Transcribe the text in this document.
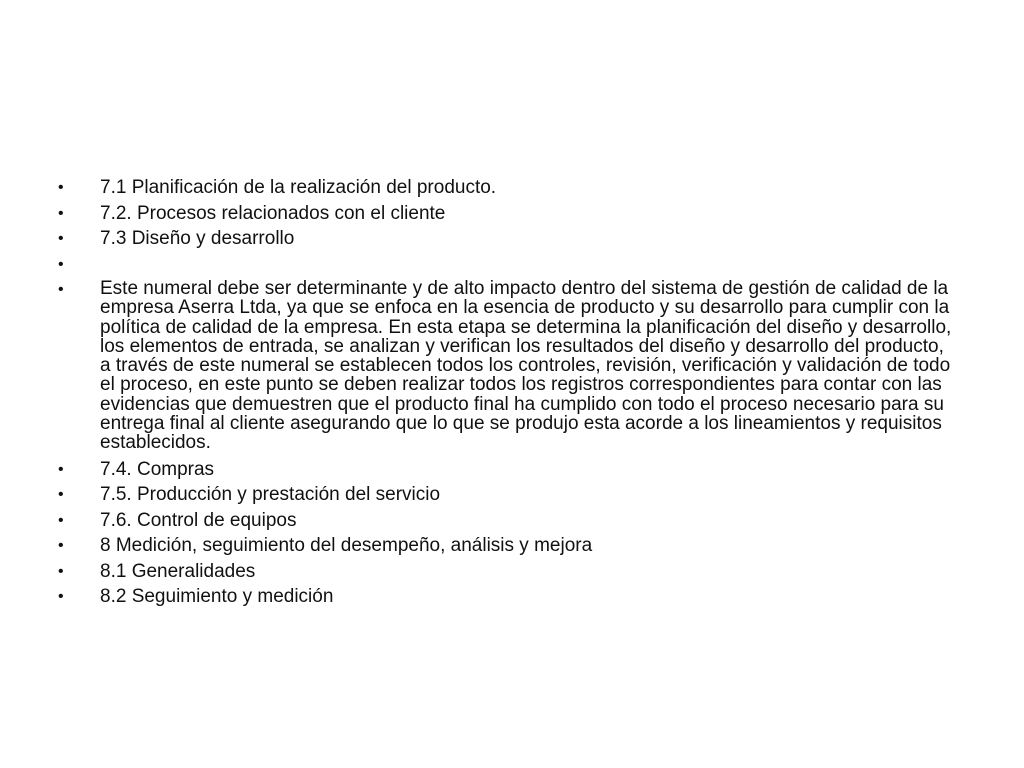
•	7.1 Planificación de la realización del producto.
•	7.2. Procesos relacionados con el cliente
•	7.3 Diseño y desarrollo
•
•	Este numeral debe ser determinante y de alto impacto dentro del sistema de gestión de calidad de la empresa Aserra Ltda, ya que se enfoca en la esencia de producto y su desarrollo para cumplir con la política de calidad de la empresa. En esta etapa se determina la planificación del diseño y desarrollo, los elementos de entrada, se analizan y verifican los resultados del diseño y desarrollo del producto, a través de este numeral se establecen todos los controles, revisión, verificación y validación de todo el proceso, en este punto se deben realizar todos los registros correspondientes para contar con las evidencias que demuestren que el producto final ha cumplido con todo el proceso necesario para su entrega final al cliente asegurando que lo que se produjo esta acorde a los lineamientos y requisitos establecidos.
•	7.4. Compras
•	7.5. Producción y prestación del servicio
•	7.6. Control de equipos
•	8 Medición, seguimiento del desempeño, análisis y mejora
•	8.1 Generalidades
•	8.2 Seguimiento y medición
